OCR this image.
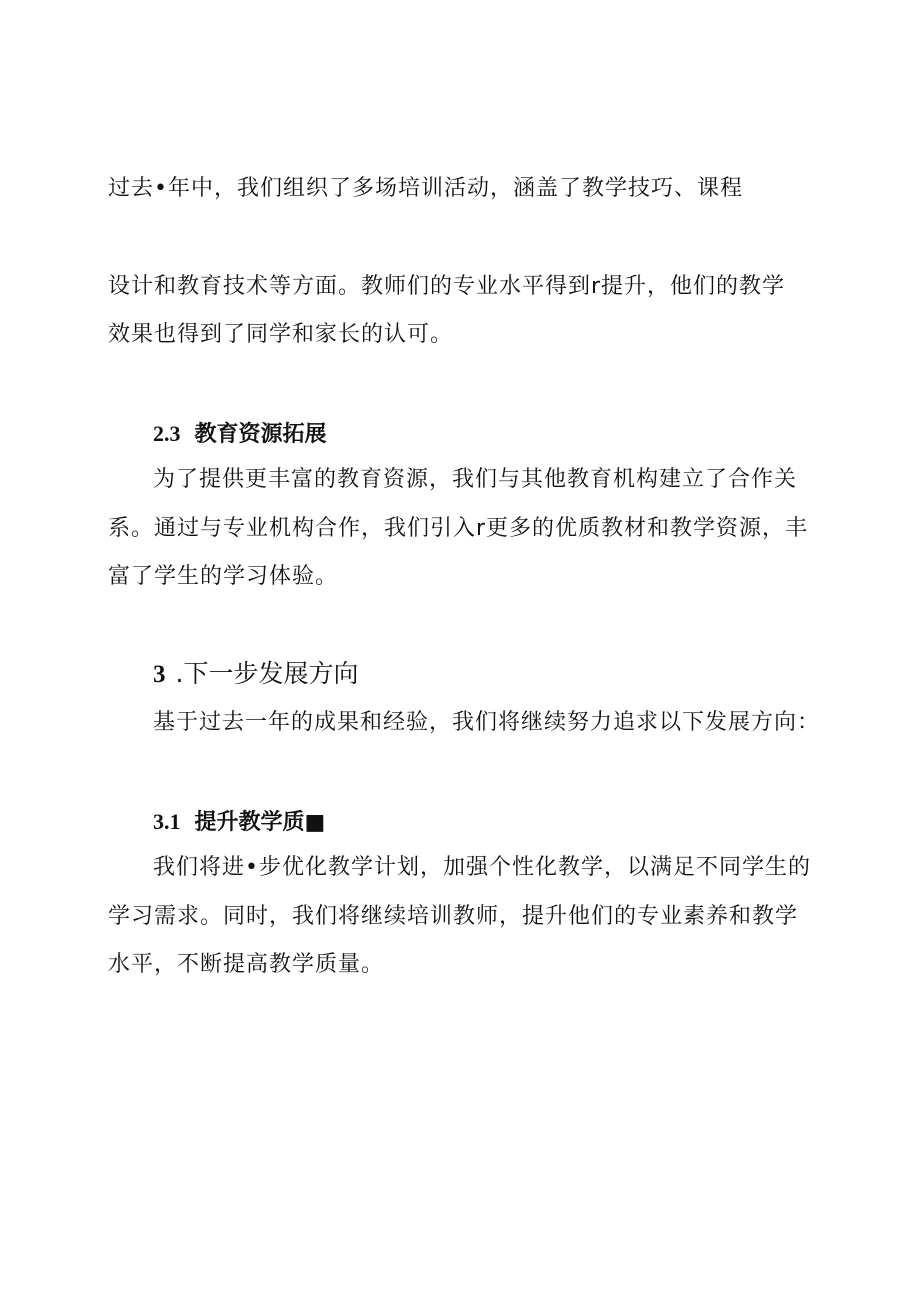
过去•年中，我们组织了多场培训活动，涵盖了教学技巧、课程
设计和教育技术等方面。教师们的专业水平得到r提升，他们的教学
效果也得到了同学和家长的认可。
2.3 教育资源拓展
为了提供更丰富的教育资源，我们与其他教育机构建立了合作关
系。通过与专业机构合作，我们引入r更多的优质教材和教学资源，丰
富了学生的学习体验。
3 .下一步发展方向
基于过去一年的成果和经验，我们将继续努力追求以下发展方向：
3.1 提升教学质■
我们将进•步优化教学计划，加强个性化教学，以满足不同学生的
学习需求。同时，我们将继续培训教师，提升他们的专业素养和教学
水平，不断提高教学质量。
